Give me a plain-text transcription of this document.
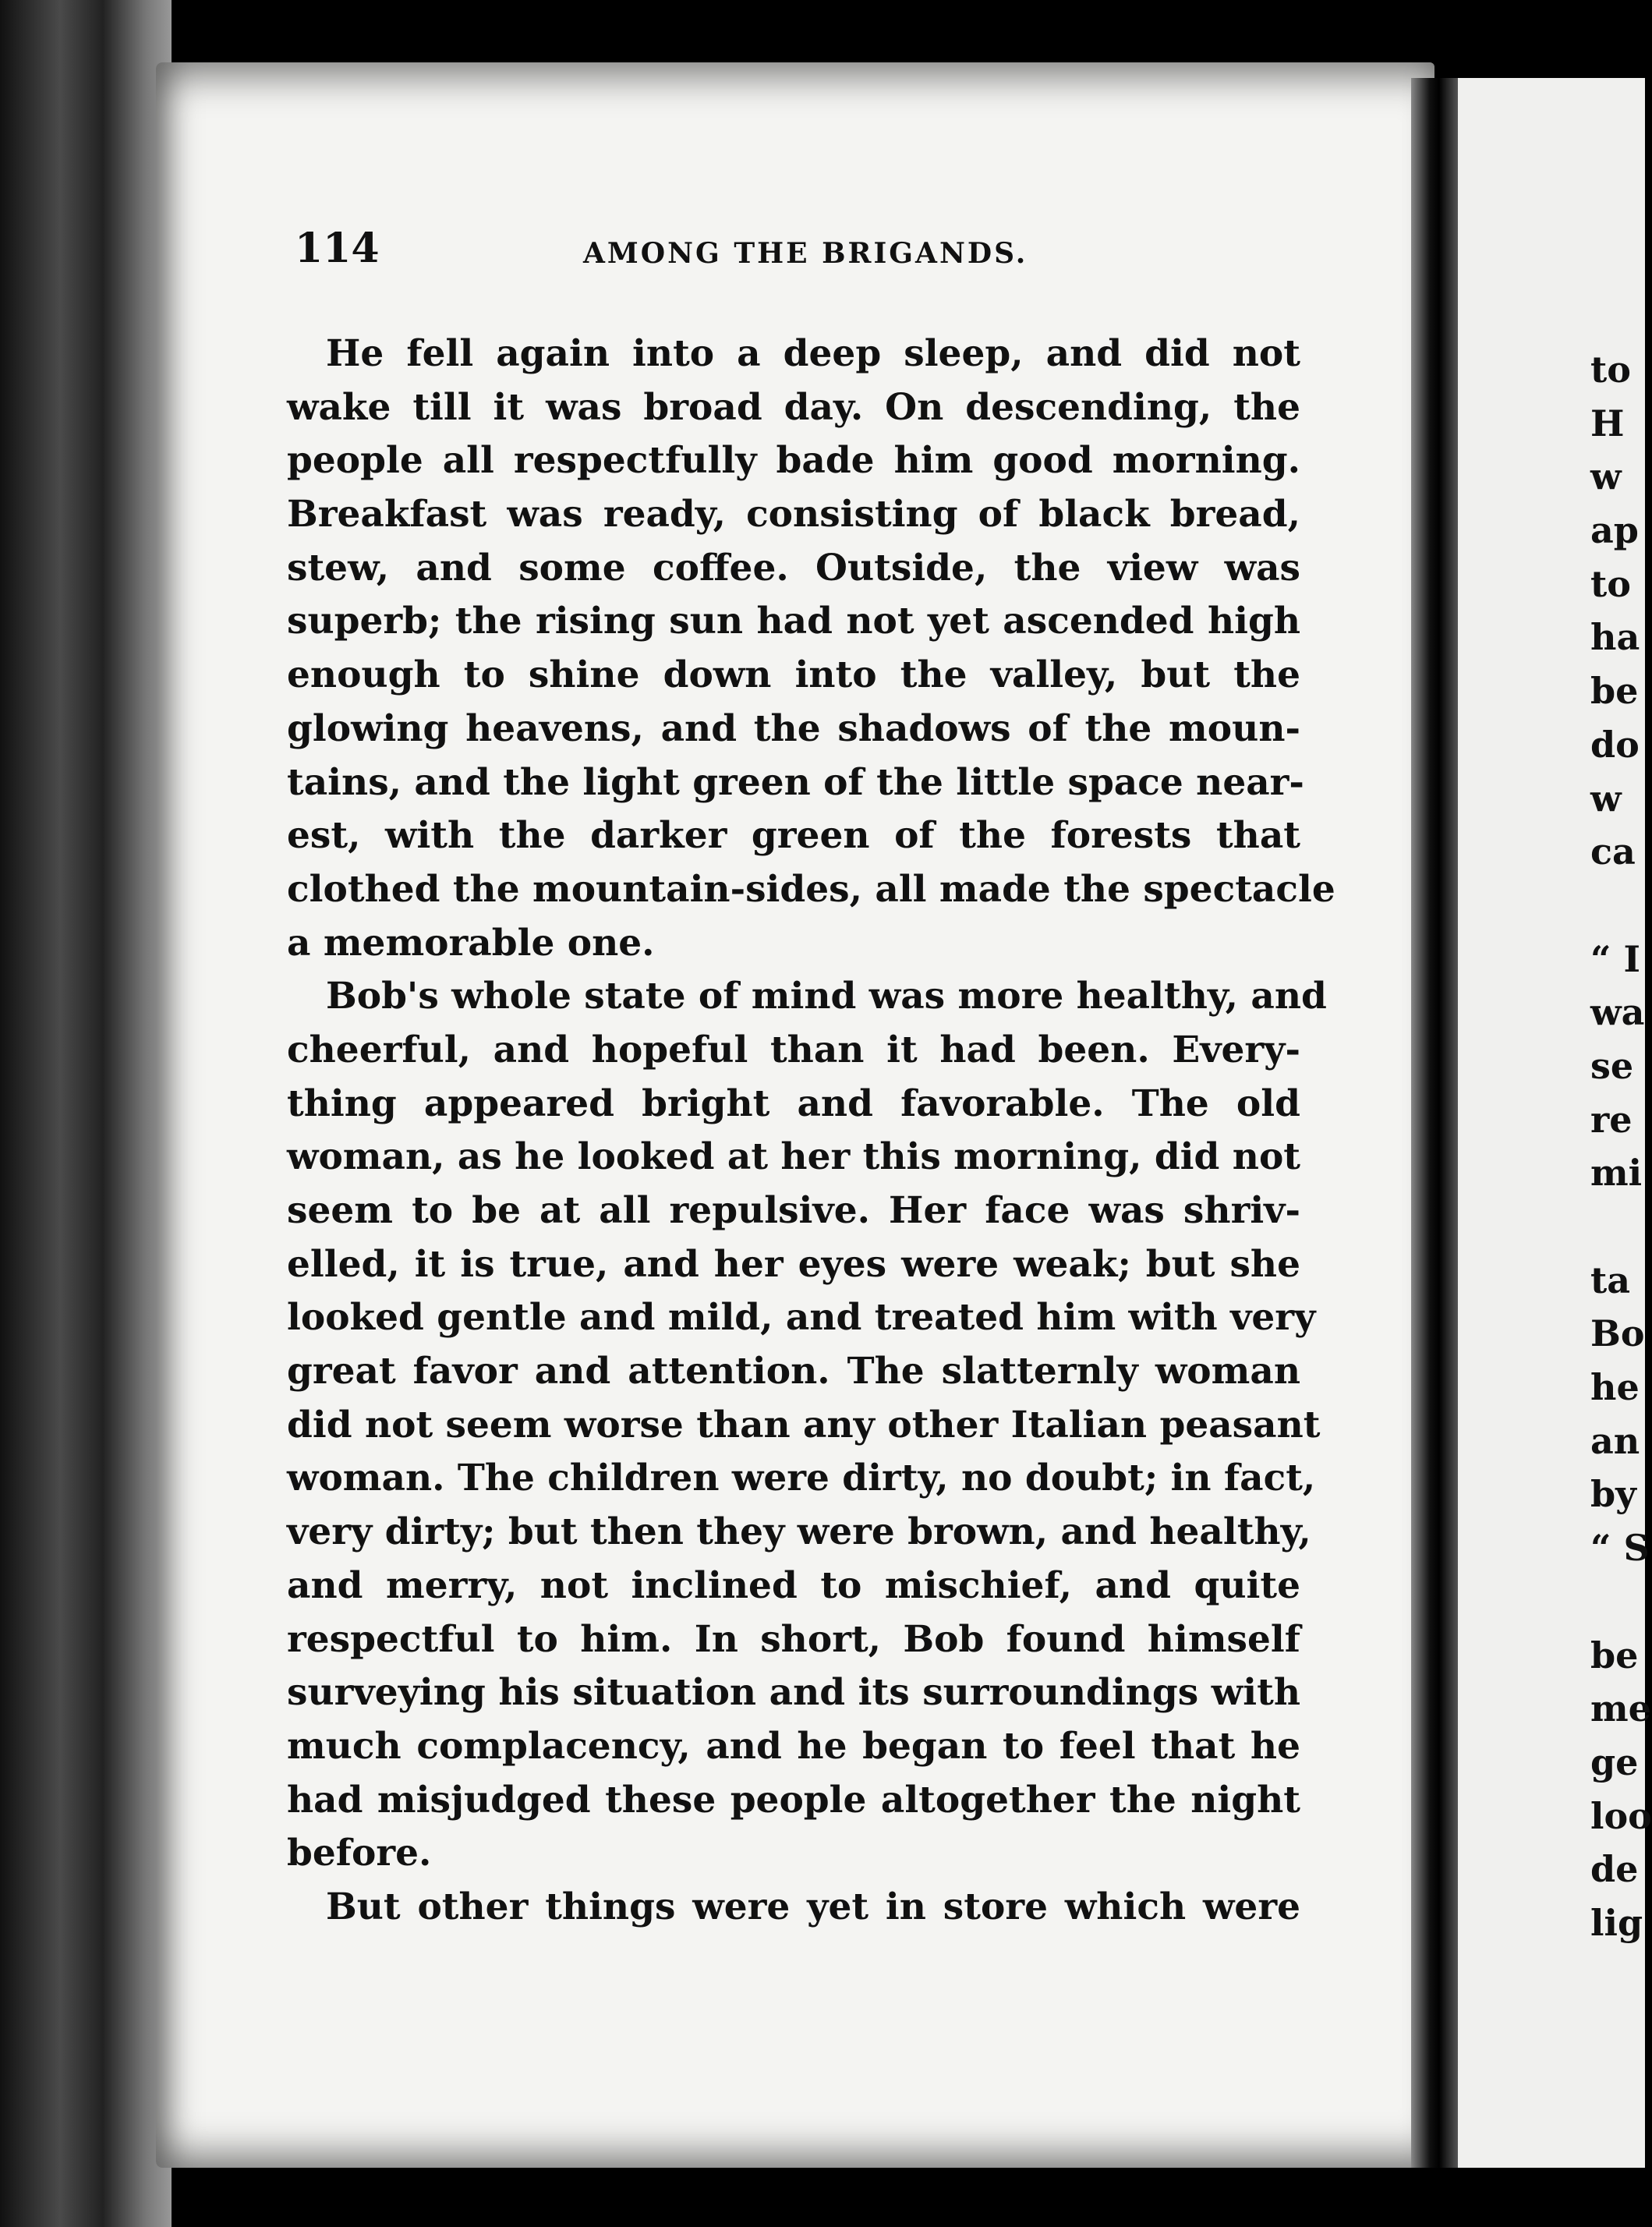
114	AMONG THE BRIGANDS.
He fell again into a deep sleep, and did not
wake till it was broad day. On descending, the
people all respectfully bade him good morning.
Breakfast was ready, consisting of black bread,
stew, and some coffee. Outside, the view was
superb; the rising sun had not yet ascended high
enough to shine down into the valley, but the
glowing heavens, and the shadows of the moun-
tains, and the light green of the little space near-
est, with the darker green of the forests that
clothed the mountain-sides, all made the spectacle
a memorable one.
Bob's whole state of mind was more healthy, and
cheerful, and hopeful than it had been. Every-
thing appeared bright and favorable. The old
woman, as he looked at her this morning, did not
seem to be at all repulsive. Her face was shriv-
elled, it is true, and her eyes were weak; but she
looked gentle and mild, and treated him with very
great favor and attention. The slatternly woman
did not seem worse than any other Italian peasant
woman. The children were dirty, no doubt; in fact,
very dirty; but then they were brown, and healthy,
and merry, not inclined to mischief, and quite
respectful to him. In short, Bob found himself
surveying his situation and its surroundings with
much complacency, and he began to feel that he
had misjudged these people altogether the night
before.
But other things were yet in store which were
to
H
w
ap
to
ha
be
do
w
ca
“ I
wa
se
re
mi
ta
Bo
he
an
by
“ S
be
me
ge
loo
de
lig
